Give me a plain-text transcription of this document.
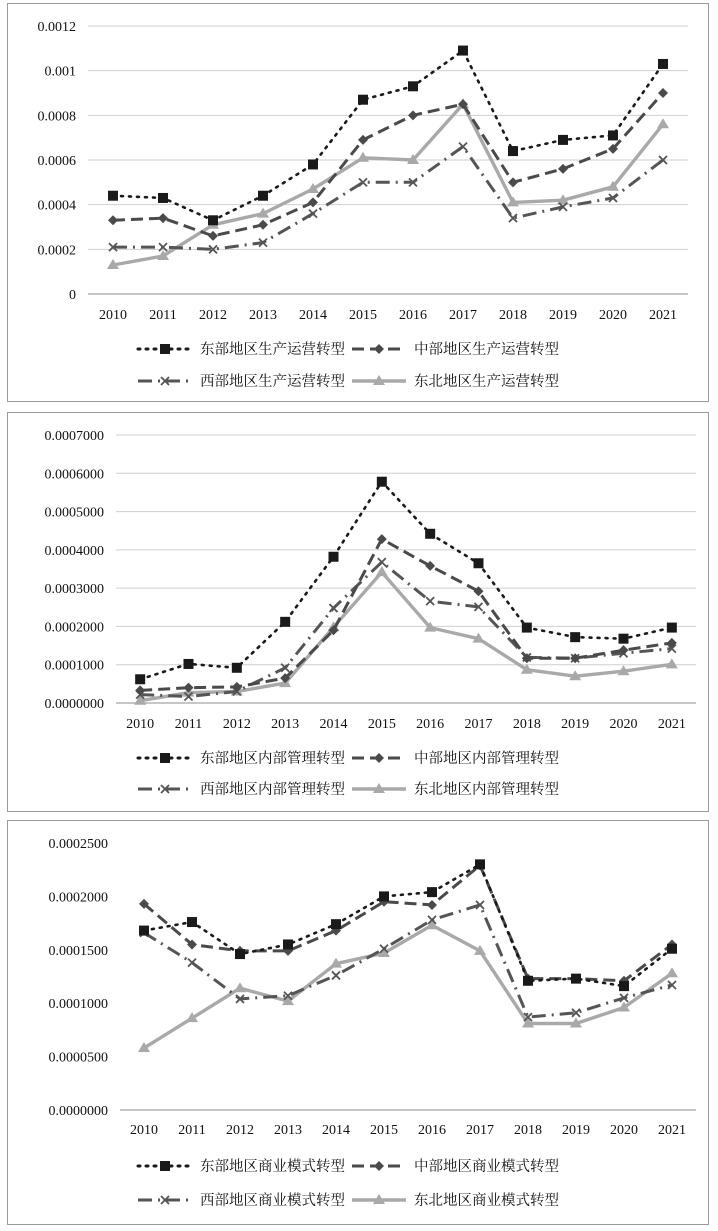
0
0.0002
0.0004
0.0006
0.0008
0.001
0.0012
2010 2011 2012 2013 2014 2015 2016 2017 2018 2019 2020 2021
东部地区生产运营转型	中部地区生产运营转型
西部地区生产运营转型	东北地区生产运营转型
0.0000000
0.0001000
0.0002000
0.0003000
0.0004000
0.0005000
0.0006000
0.0007000
2010 2011 2012 2013 2014 2015 2016 2017 2018 2019 2020 2021
东部地区内部管理转型	中部地区内部管理转型
西部地区内部管理转型	东北地区内部管理转型
0.0000000
0.0000500
0.0001000
0.0001500
0.0002000
0.0002500
2010 2011 2012 2013 2014 2015 2016 2017 2018 2019 2020 2021
东部地区商业模式转型	中部地区商业模式转型
西部地区商业模式转型	东北地区商业模式转型
